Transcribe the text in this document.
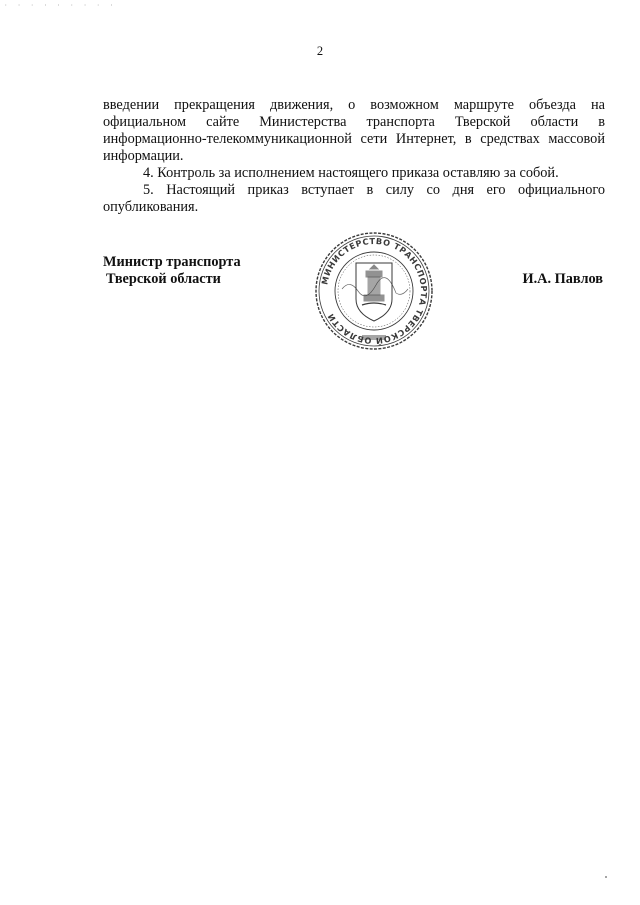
· · · · · · · · ·
2

введении прекращения движения, о возможном маршруте объезда на официальном сайте Министерства транспорта Тверской области в информационно-телекоммуникационной сети Интернет, в средствах массовой информации.

4. Контроль за исполнением настоящего приказа оставляю за собой.

5. Настоящий приказ вступает в силу со дня его официального опубликования.

Министр транспорта
Тверской области	И.А. Павлов
МИНИСТЕРСТВО ТРАНСПОРТА ТВЕРСКОЙ ОБЛАСТИ
